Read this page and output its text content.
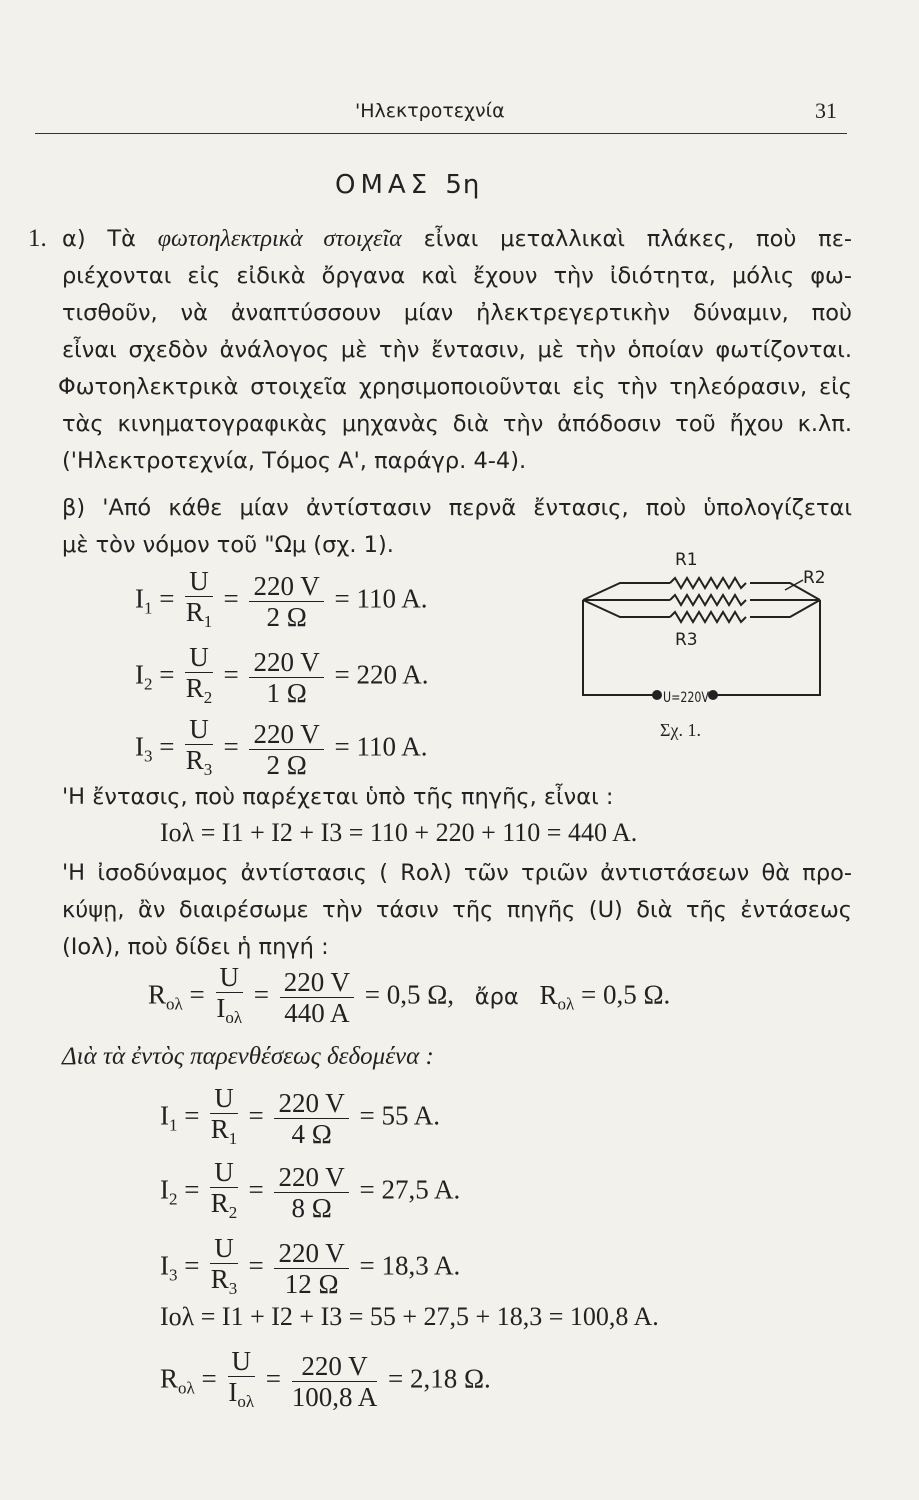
'Ηλεκτροτεχνία	31
ΟΜΑΣ 5η
1. α) Τὰ φωτοηλεκτρικὰ στοιχεῖα εἶναι μεταλλικαὶ πλάκες, ποὺ πε-
ριέχονται εἰς εἰδικὰ ὄργανα καὶ ἔχουν τὴν ἰδιότητα, μόλις φω-
τισθοῦν, νὰ ἀναπτύσσουν μίαν ἠλεκτρεγερτικὴν δύναμιν, ποὺ
εἶναι σχεδὸν ἀνάλογος μὲ τὴν ἔντασιν, μὲ τὴν ὁποίαν φωτίζονται.
Φωτοηλεκτρικὰ στοιχεῖα χρησιμοποιοῦνται εἰς τὴν τηλεόρασιν, εἰς
τὰς κινηματογραφικὰς μηχανὰς διὰ τὴν ἀπόδοσιν τοῦ ἤχου κ.λπ.
('Ηλεκτροτεχνία, Τόμος Α', παράγρ. 4-4).
β) 'Από κάθε μίαν ἀντίστασιν περνᾶ ἔντασις, ποὺ ὑπολογίζεται
μὲ τὸν νόμον τοῦ "Ωμ (σχ. 1).
$I_1 = \frac{U}{R_1} = \frac{220 V}{2 \Omega} = 110$ A.
$I_2 = \frac{U}{R_2} = \frac{220 V}{1 \Omega} = 220$ A.
$I_3 = \frac{U}{R_3} = \frac{220 V}{2 \Omega} = 110$ A.
R1
R2
R3
U=220V
Σχ. 1.
'Η ἔντασις, ποὺ παρέχεται ὑπὸ τῆς πηγῆς, εἶναι :
Iολ = I1 + I2 + I3 = 110 + 220 + 110 = 440 A.
'Η ἰσοδύναμος ἀντίστασις ( Rολ) τῶν τριῶν ἀντιστάσεων θὰ προ-
κύψῃ, ἂν διαιρέσωμε τὴν τάσιν τῆς πηγῆς (U) διὰ τῆς ἐντάσεως
(Iολ), ποὺ δίδει ἡ πηγή :
$R_{o\lambda} = \frac{U}{I_{o\lambda}} = \frac{220 V}{440 A} = 0,5$ Ω, ἄρα $R_{o\lambda} = 0,5$ Ω.
Διὰ τὰ ἐντὸς παρενθέσεως δεδομένα :
$I_1 = \frac{U}{R_1} = \frac{220 V}{4 \Omega} = 55$ A.
$I_2 = \frac{U}{R_2} = \frac{220 V}{8 \Omega} = 27,5$ A.
$I_3 = \frac{U}{R_3} = \frac{220 V}{12 \Omega} = 18,3$ A.
Iολ = I1 + I2 + I3 = 55 + 27,5 + 18,3 = 100,8 A.
$R_{o\lambda} = \frac{U}{I_{o\lambda}} = \frac{220 V}{100,8 A} = 2,18$ Ω.
